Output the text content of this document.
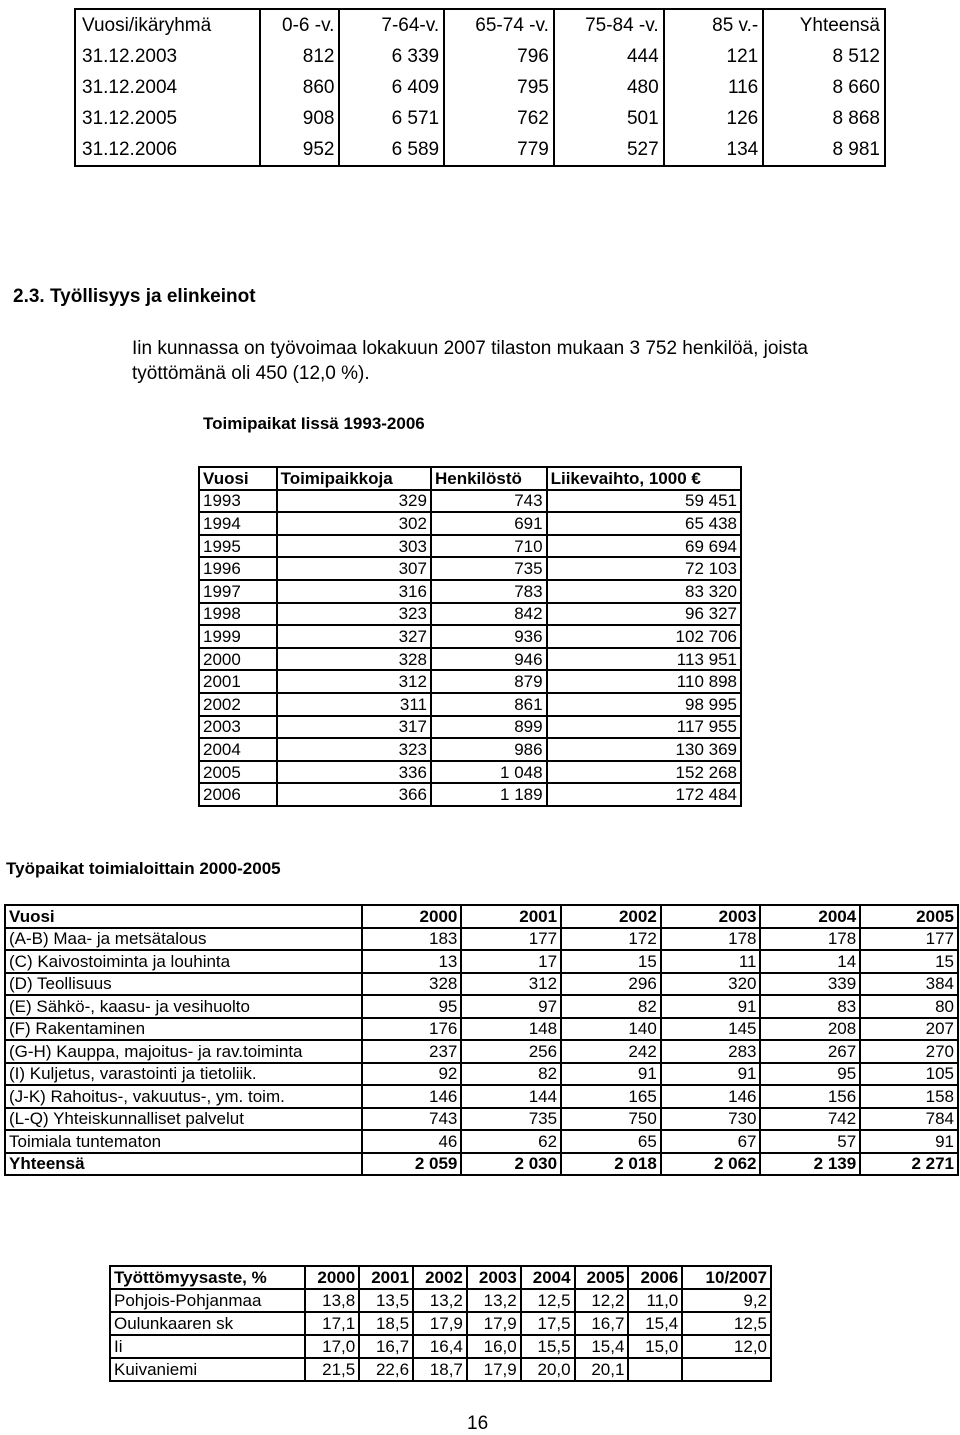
Vuosi/ikäryhmä	0-6 -v.	7-64-v.	65-74 -v.	75-84 -v.	85 v.-	Yhteensä
31.12.2003	812	6 339	796	444	121	8 512
31.12.2004	860	6 409	795	480	116	8 660
31.12.2005	908	6 571	762	501	126	8 868
31.12.2006	952	6 589	779	527	134	8 981
2.3. Työllisyys ja elinkeinot
Iin kunnassa on työvoimaa lokakuun 2007 tilaston mukaan 3 752 henkilöä, joista
työttömänä oli 450 (12,0 %).
Toimipaikat Iissä 1993-2006
Vuosi	Toimipaikkoja	Henkilöstö	Liikevaihto, 1000 €
1993	329	743	59 451
1994	302	691	65 438
1995	303	710	69 694
1996	307	735	72 103
1997	316	783	83 320
1998	323	842	96 327
1999	327	936	102 706
2000	328	946	113 951
2001	312	879	110 898
2002	311	861	98 995
2003	317	899	117 955
2004	323	986	130 369
2005	336	1 048	152 268
2006	366	1 189	172 484
Työpaikat toimialoittain 2000-2005
Vuosi	2000	2001	2002	2003	2004	2005
(A-B) Maa- ja metsätalous	183	177	172	178	178	177
(C) Kaivostoiminta ja louhinta	13	17	15	11	14	15
(D) Teollisuus	328	312	296	320	339	384
(E) Sähkö-, kaasu- ja vesihuolto	95	97	82	91	83	80
(F) Rakentaminen	176	148	140	145	208	207
(G-H) Kauppa, majoitus- ja rav.toiminta	237	256	242	283	267	270
(I) Kuljetus, varastointi ja tietoliik.	92	82	91	91	95	105
(J-K) Rahoitus-, vakuutus-, ym. toim.	146	144	165	146	156	158
(L-Q) Yhteiskunnalliset palvelut	743	735	750	730	742	784
Toimiala tuntematon	46	62	65	67	57	91
Yhteensä	2 059	2 030	2 018	2 062	2 139	2 271
Työttömyysaste, %	2000	2001	2002	2003	2004	2005	2006	10/2007
Pohjois-Pohjanmaa	13,8	13,5	13,2	13,2	12,5	12,2	11,0	9,2
Oulunkaaren sk	17,1	18,5	17,9	17,9	17,5	16,7	15,4	12,5
Ii	17,0	16,7	16,4	16,0	15,5	15,4	15,0	12,0
Kuivaniemi	21,5	22,6	18,7	17,9	20,0	20,1		
16
